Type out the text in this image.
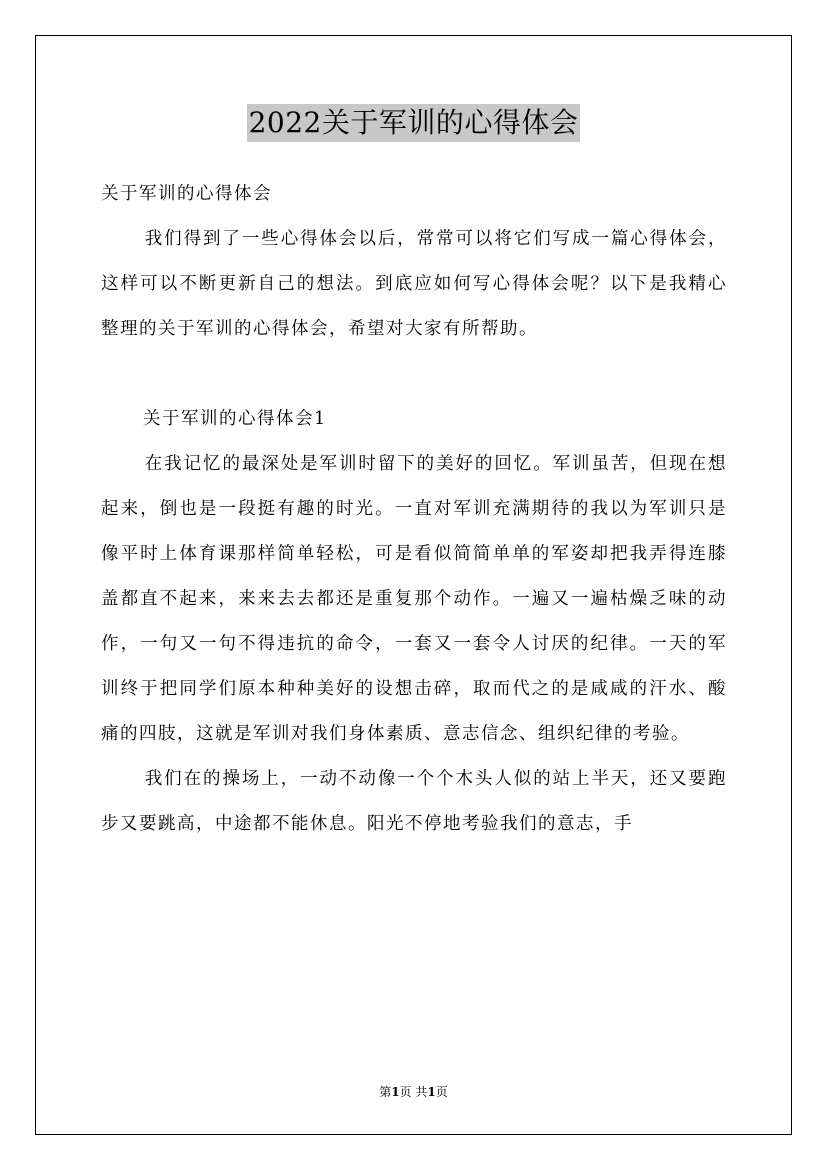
2022关于军训的心得体会

关于军训的心得体会

我们得到了一些心得体会以后，常常可以将它们写成一篇心得体会，这样可以不断更新自己的想法。到底应如何写心得体会呢？以下是我精心整理的关于军训的心得体会，希望对大家有所帮助。

关于军训的心得体会1

在我记忆的最深处是军训时留下的美好的回忆。军训虽苦，但现在想起来，倒也是一段挺有趣的时光。一直对军训充满期待的我以为军训只是像平时上体育课那样简单轻松，可是看似简简单单的军姿却把我弄得连膝盖都直不起来，来来去去都还是重复那个动作。一遍又一遍枯燥乏味的动作，一句又一句不得违抗的命令，一套又一套令人讨厌的纪律。一天的军训终于把同学们原本种种美好的设想击碎，取而代之的是咸咸的汗水、酸痛的四肢，这就是军训对我们身体素质、意志信念、组织纪律的考验。

我们在的操场上，一动不动像一个个木头人似的站上半天，还又要跑步又要跳高，中途都不能休息。阳光不停地考验我们的意志，手

第1页 共1页
